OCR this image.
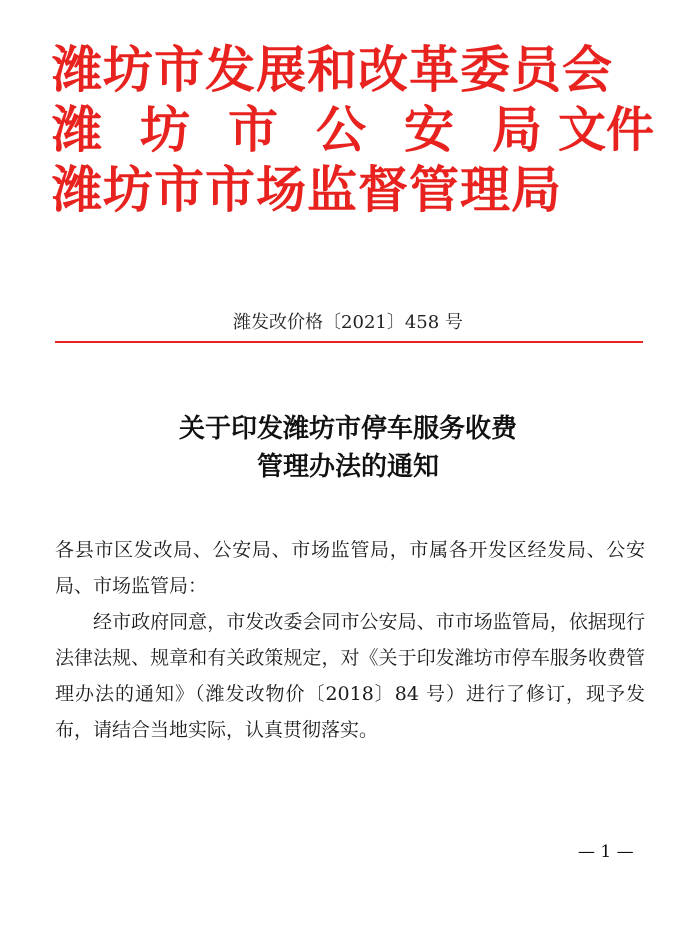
潍坊市发展和改革委员会
潍坊市公安局
潍坊市市场监督管理局
文件
潍发改价格〔2021〕458 号
关于印发潍坊市停车服务收费
管理办法的通知

各县市区发改局、公安局、市场监管局，市属各开发区经发局、公安局、市场监管局：

经市政府同意，市发改委会同市公安局、市市场监管局，依据现行法律法规、规章和有关政策规定，对《关于印发潍坊市停车服务收费管理办法的通知》（潍发改物价〔2018〕84 号）进行了修订，现予发布，请结合当地实际，认真贯彻落实。

— 1 —
